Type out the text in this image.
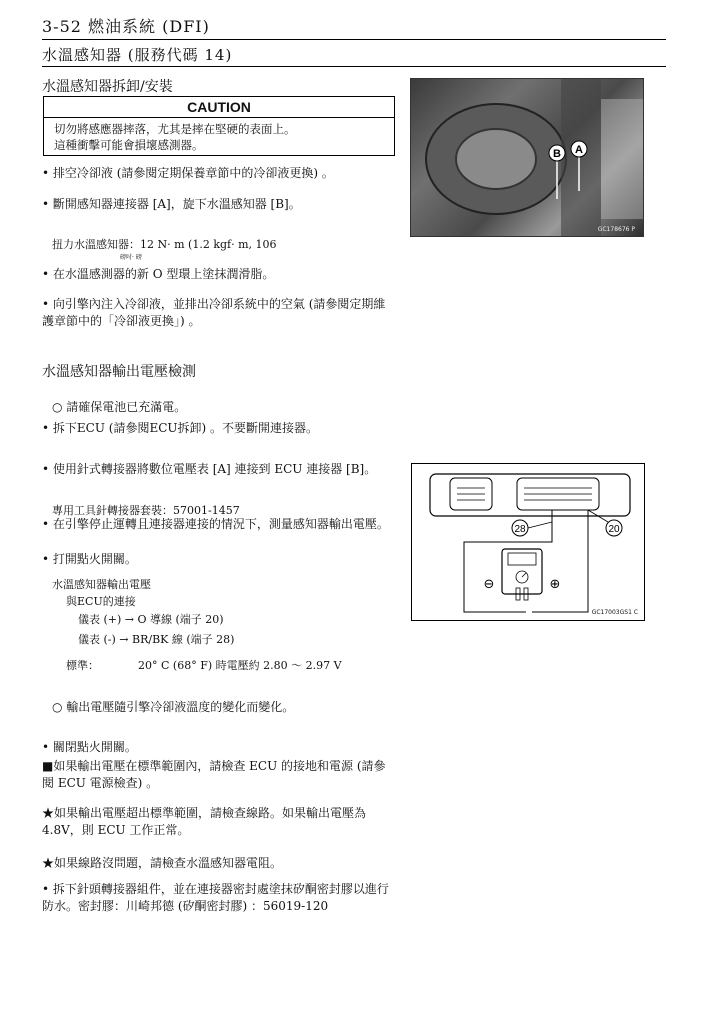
3-52 燃油系統 (DFI)
水溫感知器 (服務代碼 14)
水溫感知器拆卸/安裝
CAUTION
切勿將感應器摔落，尤其是摔在堅硬的表面上。
這種衝擊可能會損壞感測器。
• 排空冷卻液 (請參閱定期保養章節中的冷卻液更換) 。
• 斷開感知器連接器 [A]，旋下水溫感知器 [B]。
扭力水溫感知器：12 N· m (1.2 kgf· m, 106
磅吋· 磅
• 在水溫感測器的新 O 型環上塗抹潤滑脂。
• 向引擎內注入冷卻液，並排出冷卻系統中的空氣 (請參閱定期維護章節中的「冷卻液更換」) 。
B A
GC178676 P
水溫感知器輸出電壓檢測
○ 請確保電池已充滿電。
• 拆下ECU (請參閱ECU拆卸) 。不要斷開連接器。
• 使用針式轉接器將數位電壓表 [A] 連接到 ECU 連接器 [B]。
專用工具針轉接器套裝：57001-1457
• 在引擎停止運轉且連接器連接的情況下，測量感知器輸出電壓。
• 打開點火開關。
水溫感知器輸出電壓
與ECU的連接
儀表 (+) → O 導線 (端子 20)
儀表 (-) → BR/BK 線 (端子 28)
標準：	20° C (68° F) 時電壓約 2.80 ～ 2.97 V
○ 輸出電壓隨引擎冷卻液溫度的變化而變化。
• 關閉點火開關。
■如果輸出電壓在標準範圍內，請檢查 ECU 的接地和電源 (請參閱 ECU 電源檢查) 。
★如果輸出電壓超出標準範圍，請檢查線路。如果輸出電壓為 4.8V，則 ECU 工作正常。
★如果線路沒問題，請檢查水溫感知器電阻。
• 拆下針頭轉接器組件，並在連接器密封處塗抹矽酮密封膠以進行防水。密封膠：川崎邦德 (矽酮密封膠) ：56019-120
28	20
⊖	⊕
GC17003GS1 C
